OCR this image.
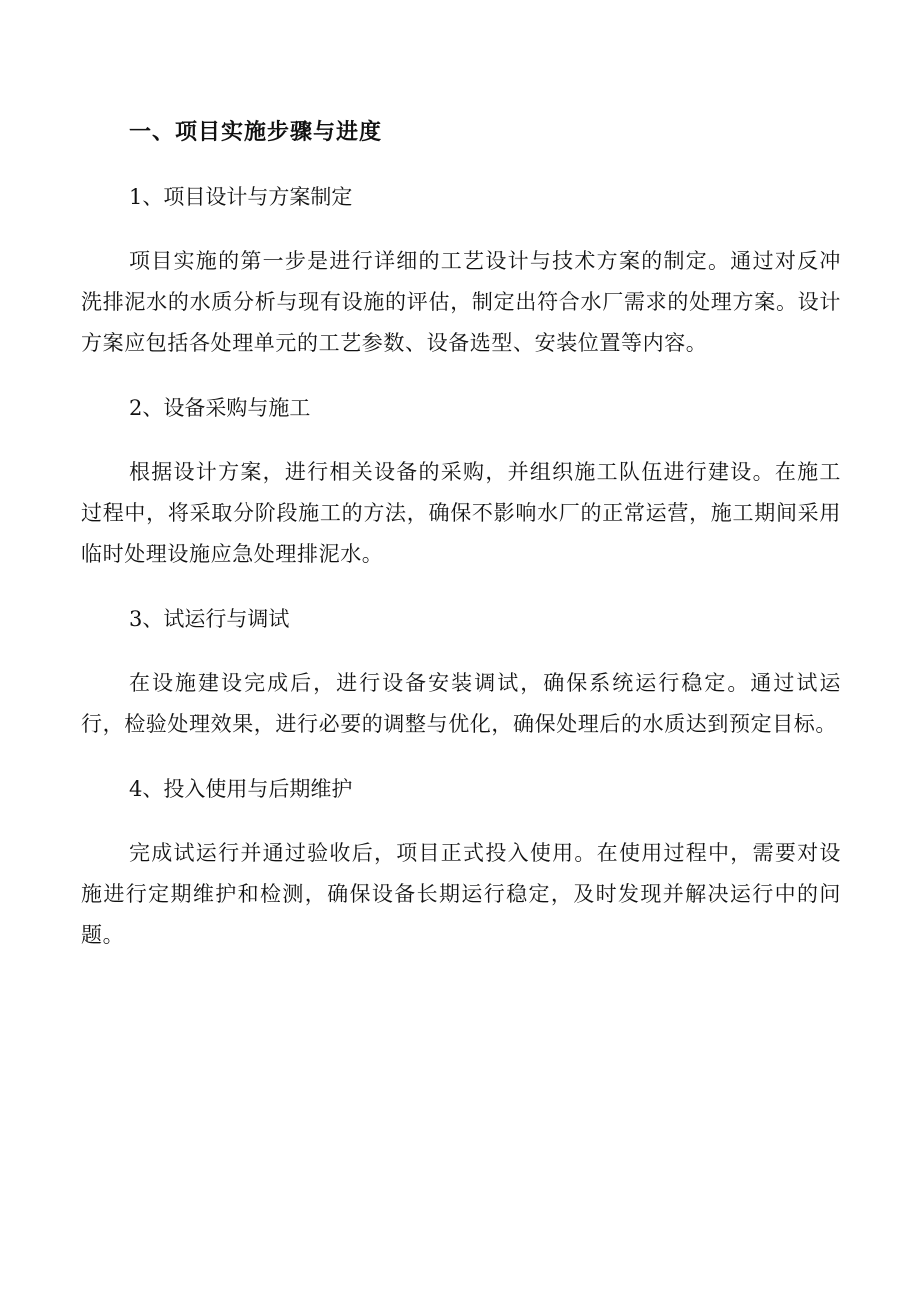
一、项目实施步骤与进度
1、项目设计与方案制定

项目实施的第一步是进行详细的工艺设计与技术方案的制定。通过对反冲洗排泥水的水质分析与现有设施的评估，制定出符合水厂需求的处理方案。设计方案应包括各处理单元的工艺参数、设备选型、安装位置等内容。

2、设备采购与施工

根据设计方案，进行相关设备的采购，并组织施工队伍进行建设。在施工过程中，将采取分阶段施工的方法，确保不影响水厂的正常运营，施工期间采用临时处理设施应急处理排泥水。

3、试运行与调试

在设施建设完成后，进行设备安装调试，确保系统运行稳定。通过试运行，检验处理效果，进行必要的调整与优化，确保处理后的水质达到预定目标。

4、投入使用与后期维护

完成试运行并通过验收后，项目正式投入使用。在使用过程中，需要对设施进行定期维护和检测，确保设备长期运行稳定，及时发现并解决运行中的问题。
